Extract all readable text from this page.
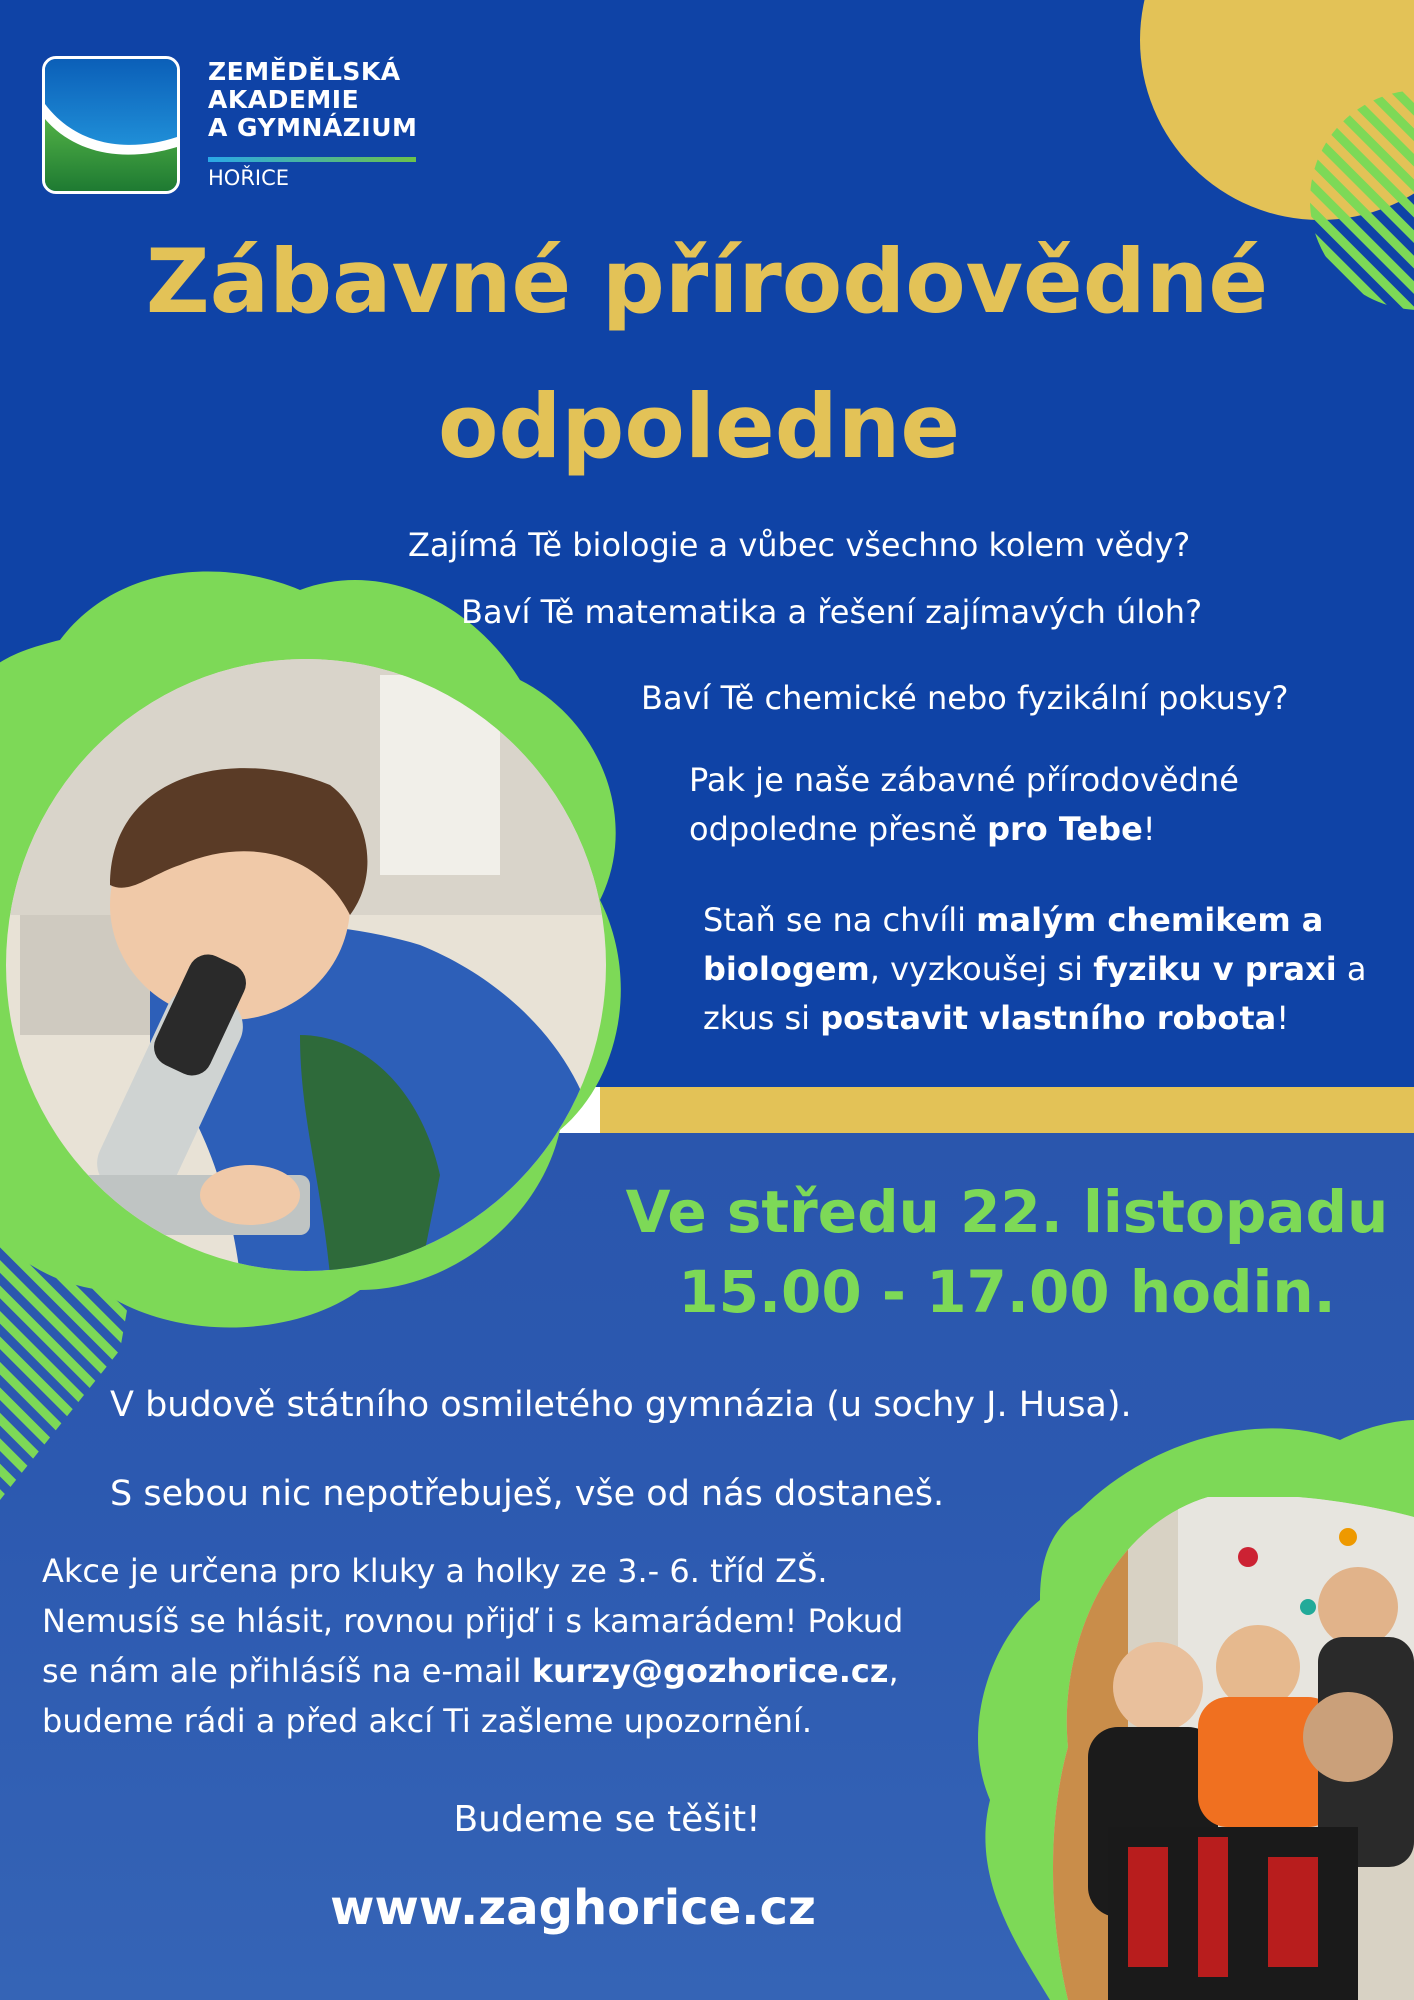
ZEMĚDĚLSKÁ
AKADEMIE
A GYMNÁZIUM
HOŘICE
Zábavné přírodovědné
odpoledne
Zajímá Tě biologie a vůbec všechno kolem vědy?
Baví Tě matematika a řešení zajímavých úloh?
Baví Tě chemické nebo fyzikální pokusy?
Pak je naše zábavné přírodovědné
odpoledne přesně pro Tebe!
Staň se na chvíli malým chemikem a
biologem, vyzkoušej si fyziku v praxi a
zkus si postavit vlastního robota!
Ve středu 22. listopadu
15.00 - 17.00 hodin.
V budově státního osmiletého gymnázia (u sochy J. Husa).
S sebou nic nepotřebuješ, vše od nás dostaneš.
Akce je určena pro kluky a holky ze 3.- 6. tříd ZŠ.
Nemusíš se hlásit, rovnou přijď i s kamarádem! Pokud
se nám ale přihlásíš na e-mail kurzy@gozhorice.cz,
budeme rádi a před akcí Ti zašleme upozornění.
Budeme se těšit!
www.zaghorice.cz
